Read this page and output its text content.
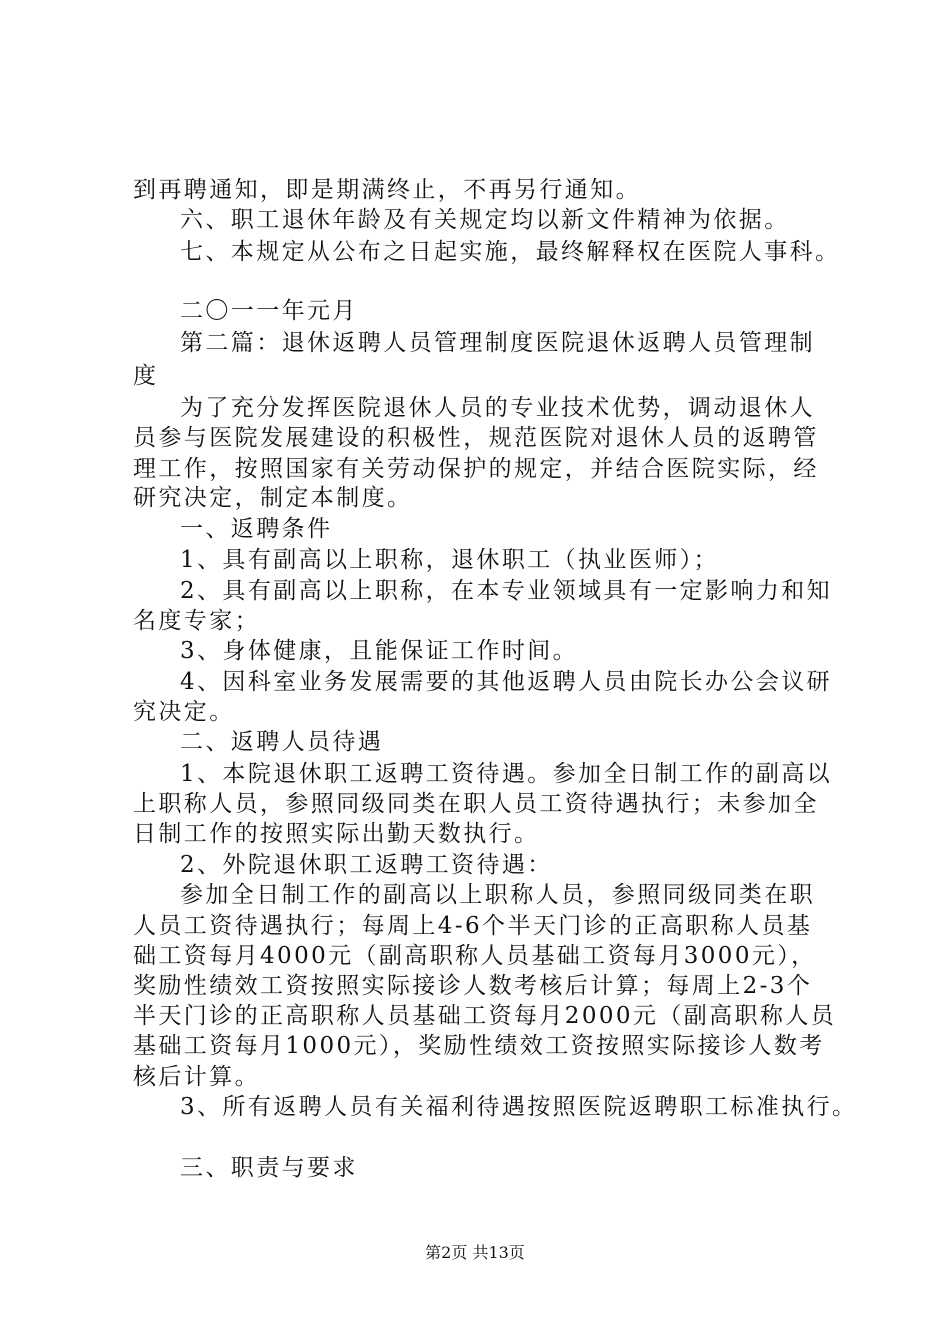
到再聘通知，即是期满终止，不再另行通知。
六、职工退休年龄及有关规定均以新文件精神为依据。
七、本规定从公布之日起实施，最终解释权在医院人事科。
二〇一一年元月
第二篇：退休返聘人员管理制度医院退休返聘人员管理制
度
为了充分发挥医院退休人员的专业技术优势，调动退休人
员参与医院发展建设的积极性，规范医院对退休人员的返聘管
理工作，按照国家有关劳动保护的规定，并结合医院实际，经
研究决定，制定本制度。
一、返聘条件
1、具有副高以上职称，退休职工（执业医师）；
2、具有副高以上职称，在本专业领域具有一定影响力和知
名度专家；
3、身体健康，且能保证工作时间。
4、因科室业务发展需要的其他返聘人员由院长办公会议研
究决定。
二、返聘人员待遇
1、本院退休职工返聘工资待遇。参加全日制工作的副高以
上职称人员，参照同级同类在职人员工资待遇执行；未参加全
日制工作的按照实际出勤天数执行。
2、外院退休职工返聘工资待遇：
参加全日制工作的副高以上职称人员，参照同级同类在职
人员工资待遇执行；每周上4-6个半天门诊的正高职称人员基
础工资每月4000元（副高职称人员基础工资每月3000元），
奖励性绩效工资按照实际接诊人数考核后计算；每周上2-3个
半天门诊的正高职称人员基础工资每月2000元（副高职称人员
基础工资每月1000元），奖励性绩效工资按照实际接诊人数考
核后计算。
3、所有返聘人员有关福利待遇按照医院返聘职工标准执行。
三、职责与要求
第2页 共13页
